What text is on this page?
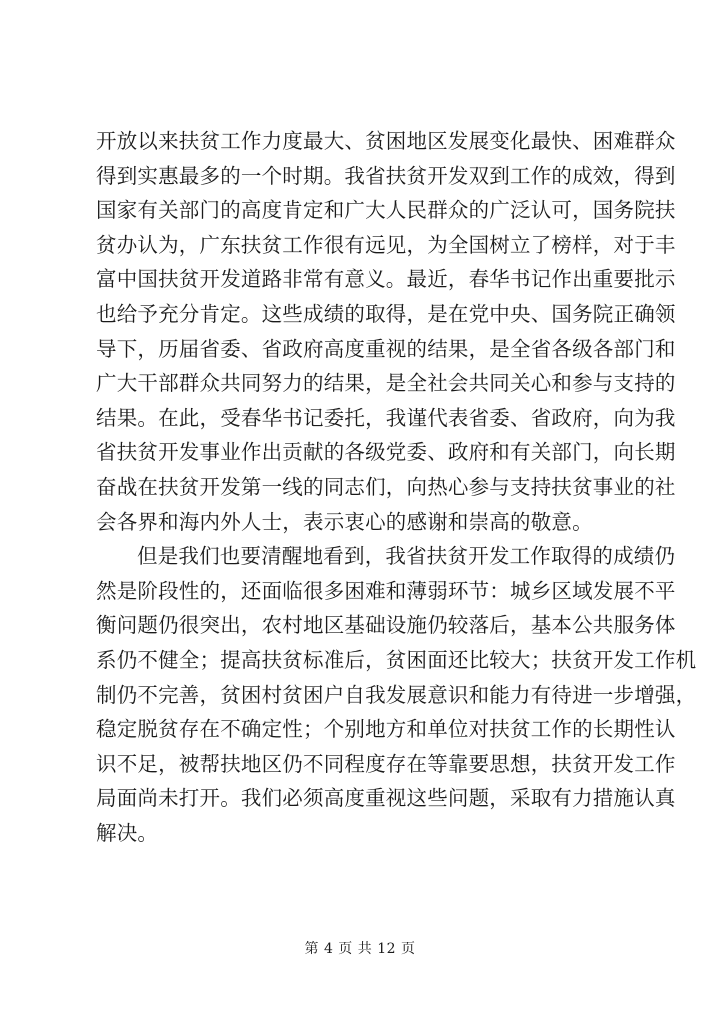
开放以来扶贫工作力度最大、贫困地区发展变化最快、困难群众
得到实惠最多的一个时期。我省扶贫开发双到工作的成效，得到
国家有关部门的高度肯定和广大人民群众的广泛认可，国务院扶
贫办认为，广东扶贫工作很有远见，为全国树立了榜样，对于丰
富中国扶贫开发道路非常有意义。最近，春华书记作出重要批示
也给予充分肯定。这些成绩的取得，是在党中央、国务院正确领
导下，历届省委、省政府高度重视的结果，是全省各级各部门和
广大干部群众共同努力的结果，是全社会共同关心和参与支持的
结果。在此，受春华书记委托，我谨代表省委、省政府，向为我
省扶贫开发事业作出贡献的各级党委、政府和有关部门，向长期
奋战在扶贫开发第一线的同志们，向热心参与支持扶贫事业的社
会各界和海内外人士，表示衷心的感谢和崇高的敬意。
但是我们也要清醒地看到，我省扶贫开发工作取得的成绩仍
然是阶段性的，还面临很多困难和薄弱环节：城乡区域发展不平
衡问题仍很突出，农村地区基础设施仍较落后，基本公共服务体
系仍不健全；提高扶贫标准后，贫困面还比较大；扶贫开发工作机
制仍不完善，贫困村贫困户自我发展意识和能力有待进一步增强，
稳定脱贫存在不确定性；个别地方和单位对扶贫工作的长期性认
识不足，被帮扶地区仍不同程度存在等靠要思想，扶贫开发工作
局面尚未打开。我们必须高度重视这些问题，采取有力措施认真
解决。
第 4 页 共 12 页
